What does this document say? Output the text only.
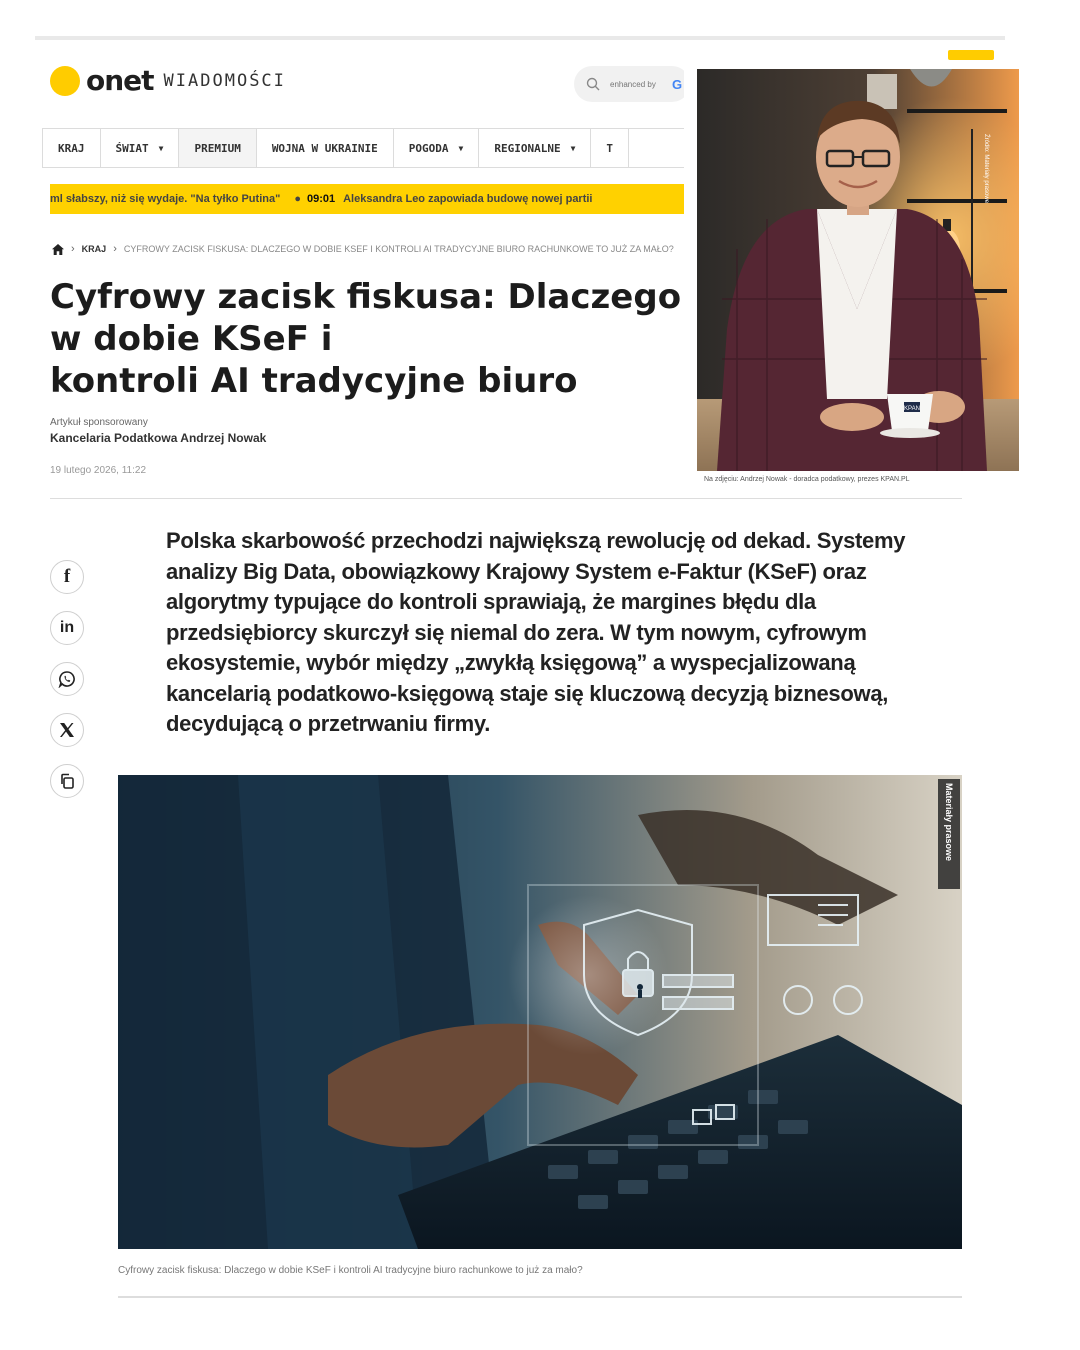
onet WIADOMOŚCI
enhanced by	G
KRAJ	ŚWIAT ▼	PREMIUM	WOJNA W UKRAINIE	POGODA ▼	REGIONALNE ▼	T
ml słabszy, niż się wydaje. "Na tyłko Putina" ● 09:01 Aleksandra Leo zapowiada budowę nowej partii
› KRAJ › CYFROWY ZACISK FISKUSA: DLACZEGO W DOBIE KSEF I KONTROLI AI TRADYCYJNE BIURO RACHUNKOWE TO JUŻ ZA MAŁO?
Cyfrowy zacisk fiskusa: Dlaczego w dobie KSeF i
kontroli AI tradycyjne biuro

Artykuł sponsorowany
Kancelaria Podatkowa Andrzej Nowak
19 lutego 2026, 11:22
KPAN
Źródło: Materiały prasowe
Na zdjęciu: Andrzej Nowak - doradca podatkowy, prezes KPAN.PL
f
in

Polska skarbowość przechodzi największą rewolucję od dekad. Systemy analizy Big Data, obowiązkowy Krajowy System e-Faktur (KSeF) oraz algorytmy typujące do kontroli sprawiają, że margines błędu dla przedsiębiorcy skurczył się niemal do zera. W tym nowym, cyfrowym ekosystemie, wybór między „zwykłą księgową” a wyspecjalizowaną kancelarią podatkowo-księgową staje się kluczową decyzją biznesową, decydującą o przetrwaniu firmy.

Materiały prasowe
Cyfrowy zacisk fiskusa: Dlaczego w dobie KSeF i kontroli AI tradycyjne biuro rachunkowe to już za mało?
